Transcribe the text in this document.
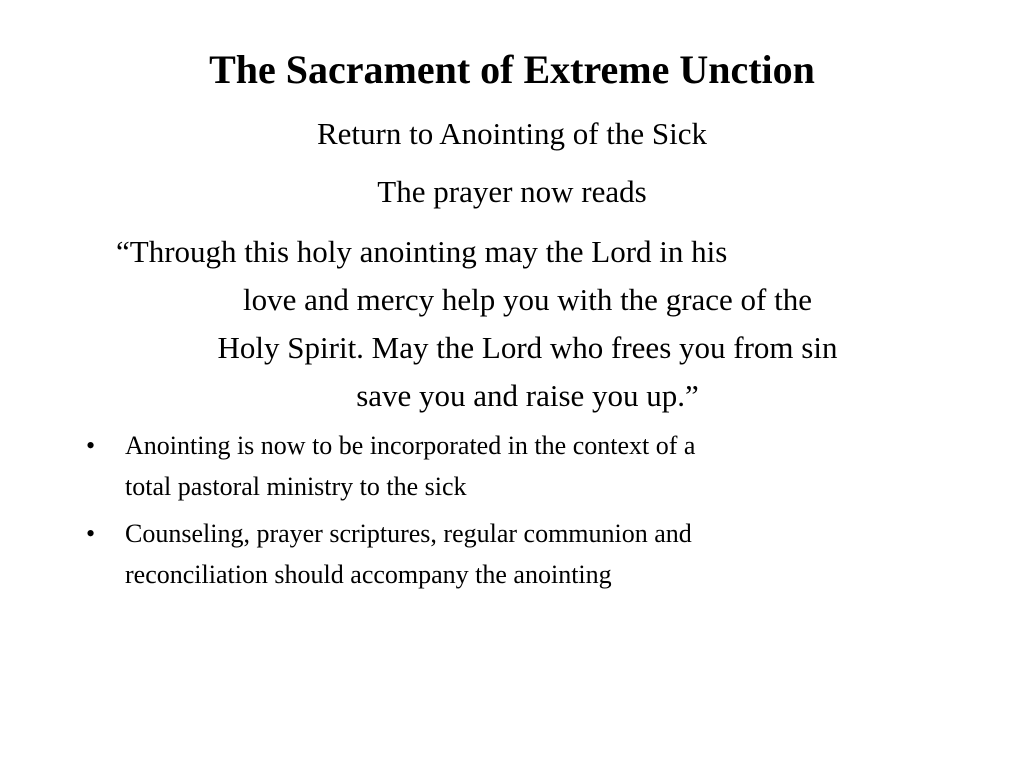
The Sacrament of Extreme Unction

Return to Anointing of the Sick

The prayer now reads

“Through this holy anointing may the Lord in his
love and mercy help you with the grace of the
Holy Spirit. May the Lord who frees you from sin
save you and raise you up.”

• Anointing is now to be incorporated in the context of a
total pastoral ministry to the sick
• Counseling, prayer scriptures, regular communion and
reconciliation should accompany the anointing
